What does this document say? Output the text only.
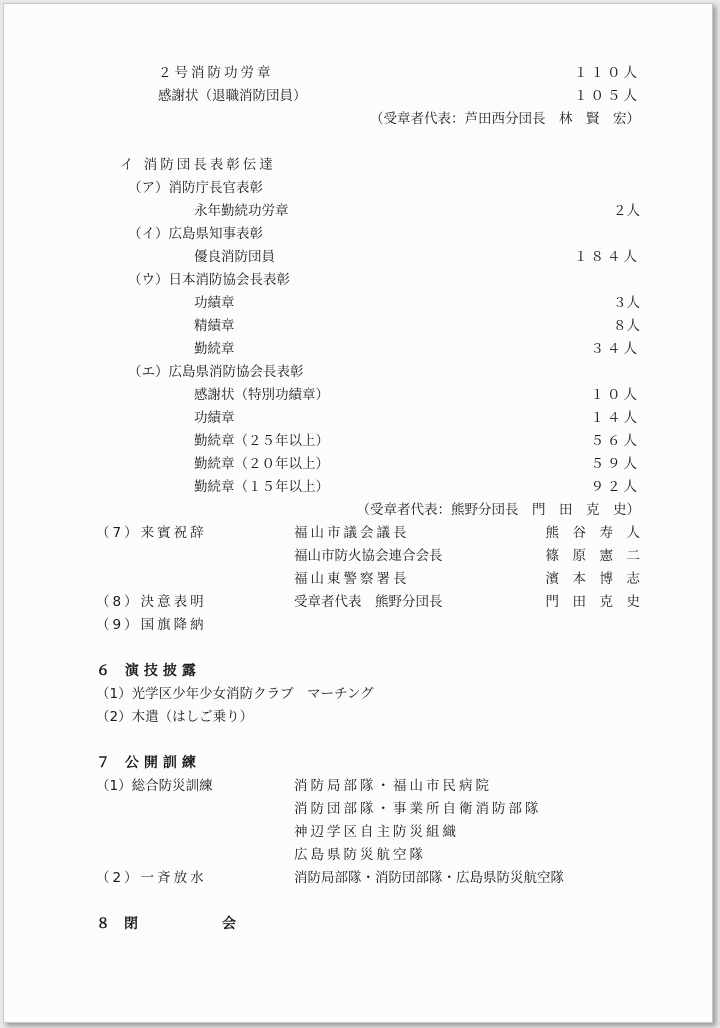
２号消防功労章	１１０人
感謝状（退職消防団員）	１０５人
（受章者代表：芦田西分団長　林　賢　宏）
イ 消防団長表彰伝達
（ア）消防庁長官表彰
永年勤続功労章	２人
（イ）広島県知事表彰
優良消防団員	１８４人
（ウ）日本消防協会長表彰
功績章	３人
精績章	８人
勤続章	３４人
（エ）広島県消防協会長表彰
感謝状（特別功績章）	１０人
功績章	１４人
勤続章（２５年以上）	５６人
勤続章（２０年以上）	５９人
勤続章（１５年以上）	９２人
（受章者代表：熊野分団長　門　田　克　史）
（7）来賓祝辞	福山市議会議長	熊　谷　寿　人
福山市防火協会連合会長	篠　原　憲　二
福山東警察署長	濱　本　博　志
（8）決意表明	受章者代表　熊野分団長	門　田　克　史
（9）国旗降納
６ 演技披露
（1）光学区少年少女消防クラブ　マーチング
（2）木遣（はしご乗り）
７ 公開訓練
（1）総合防災訓練	消防局部隊・福山市民病院
消防団部隊・事業所自衛消防部隊
神辺学区自主防災組織
広島県防災航空隊
（2）一斉放水	消防局部隊・消防団部隊・広島県防災航空隊
８ 閉	会
